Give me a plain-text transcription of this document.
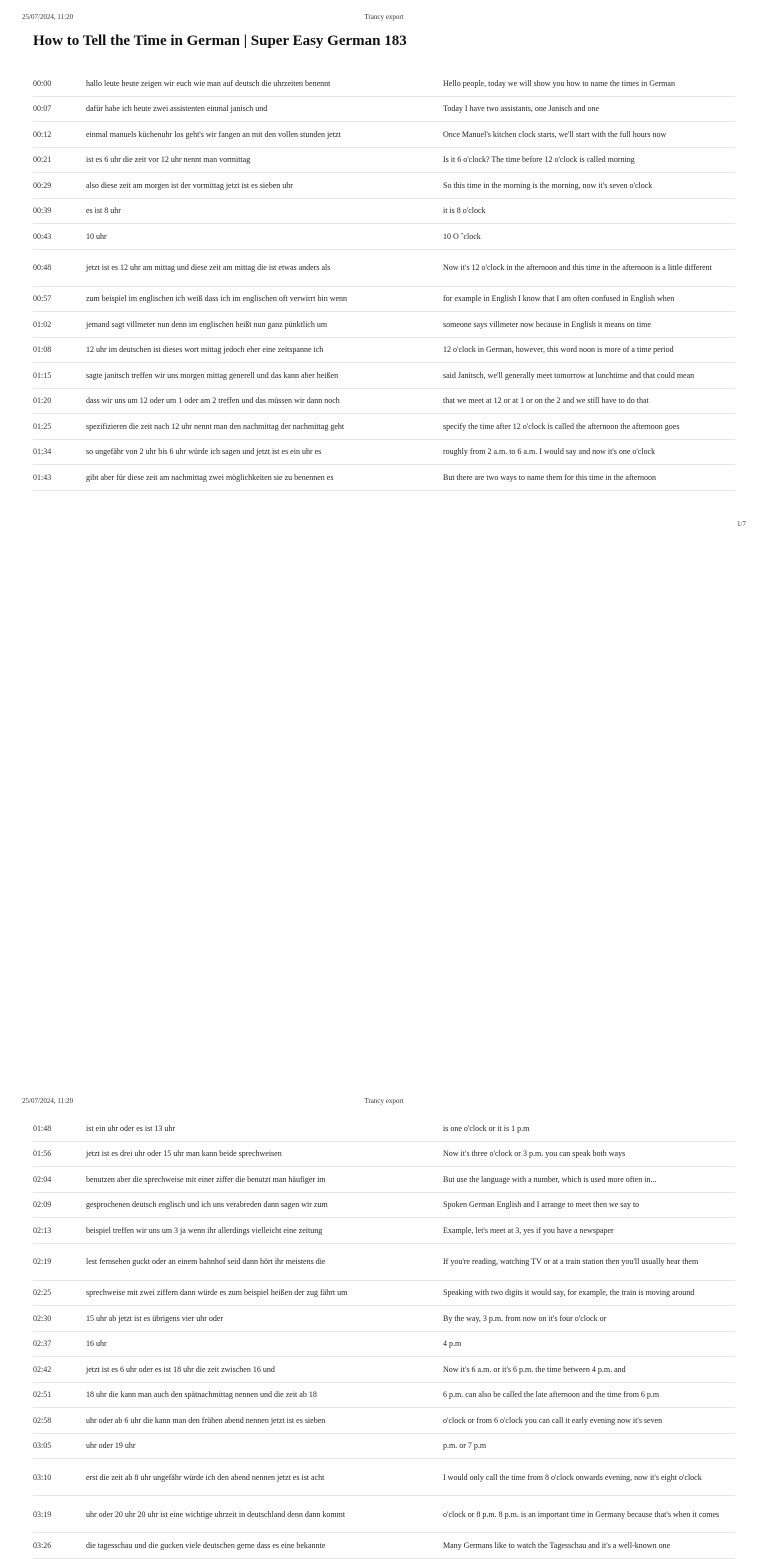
25/07/2024, 11:20	Trancy export
How to Tell the Time in German | Super Easy German 183
00:00	hallo leute heute zeigen wir euch wie man auf deutsch die uhrzeiten benennt	Hello people, today we will show you how to name the times in German
00:07	dafür habe ich heute zwei assistenten einmal janisch und	Today I have two assistants, one Janisch and one
00:12	einmal manuels küchenuhr los geht's wir fangen an mit den vollen stunden jetzt	Once Manuel's kitchen clock starts, we'll start with the full hours now
00:21	ist es 6 uhr die zeit vor 12 uhr nennt man vormittag	Is it 6 o'clock? The time before 12 o'clock is called morning
00:29	also diese zeit am morgen ist der vormittag jetzt ist es sieben uhr	So this time in the morning is the morning, now it's seven o'clock
00:39	es ist 8 uhr	it is 8 o'clock
00:43	10 uhr	10 O ˆclock
00:48	jetzt ist es 12 uhr am mittag und diese zeit am mittag die ist etwas anders als	Now it's 12 o'clock in the afternoon and this time in the afternoon is a little different
00:57	zum beispiel im englischen ich weiß dass ich im englischen oft verwirrt bin wenn	for example in English I know that I am often confused in English when
01:02	jemand sagt villmeter nun denn im englischen heißt nun ganz pünktlich um	someone says villmeter now because in English it means on time
01:08	12 uhr im deutschen ist dieses wort mittag jedoch eher eine zeitspanne ich	12 o'clock in German, however, this word noon is more of a time period
01:15	sagte janitsch treffen wir uns morgen mittag generell und das kann aber heißen	said Janitsch, we'll generally meet tomorrow at lunchtime and that could mean
01:20	dass wir uns um 12 oder um 1 oder am 2 treffen und das müssen wir dann noch	that we meet at 12 or at 1 or on the 2 and we still have to do that
01:25	spezifizieren die zeit nach 12 uhr nennt man den nachmittag der nachmittag geht	specify the time after 12 o'clock is called the afternoon the afternoon goes
01:34	so ungefähr von 2 uhr bis 6 uhr würde ich sagen und jetzt ist es ein uhr es	roughly from 2 a.m. to 6 a.m. I would say and now it's one o'clock
01:43	gibt aber für diese zeit am nachmittag zwei möglichkeiten sie zu benennen es	But there are two ways to name them for this time in the afternoon
1/7
25/07/2024, 11:20	Trancy export
01:48	ist ein uhr oder es ist 13 uhr	is one o'clock or it is 1 p.m
01:56	jetzt ist es drei uhr oder 15 uhr man kann beide sprechweisen	Now it's three o'clock or 3 p.m. you can speak both ways
02:04	benutzen aber die sprechweise mit einer ziffer die benutzt man häufiger im	But use the language with a number, which is used more often in...
02:09	gesprochenen deutsch englisch und ich uns verabreden dann sagen wir zum	Spoken German English and I arrange to meet then we say to
02:13	beispiel treffen wir uns um 3 ja wenn ihr allerdings vielleicht eine zeitung	Example, let's meet at 3, yes if you have a newspaper
02:19	lest fernsehen guckt oder an einem bahnhof seid dann hört ihr meistens die	If you're reading, watching TV or at a train station then you'll usually hear them
02:25	sprechweise mit zwei ziffern dann würde es zum beispiel heißen der zug fährt um	Speaking with two digits it would say, for example, the train is moving around
02:30	15 uhr ab jetzt ist es übrigens vier uhr oder	By the way, 3 p.m. from now on it's four o'clock or
02:37	16 uhr	4 p.m
02:42	jetzt ist es 6 uhr oder es ist 18 uhr die zeit zwischen 16 und	Now it's 6 a.m. or it's 6 p.m. the time between 4 p.m. and
02:51	18 uhr die kann man auch den spätnachmittag nennen und die zeit ab 18	6 p.m. can also be called the late afternoon and the time from 6 p.m
02:58	uhr oder ab 6 uhr die kann man den frühen abend nennen jetzt ist es sieben	o'clock or from 6 o'clock you can call it early evening now it's seven
03:05	uhr oder 19 uhr	p.m. or 7 p.m
03:10	erst die zeit ab 8 uhr ungefähr würde ich den abend nennen jetzt es ist acht	I would only call the time from 8 o'clock onwards evening, now it's eight o'clock
03:19	uhr oder 20 uhr 20 uhr ist eine wichtige uhrzeit in deutschland denn dann kommt	o'clock or 8 p.m. 8 p.m. is an important time in Germany because that's when it comes
03:26	die tagesschau und die gucken viele deutschen gerne dass es eine bekannte	Many Germans like to watch the Tagesschau and it's a well-known one
